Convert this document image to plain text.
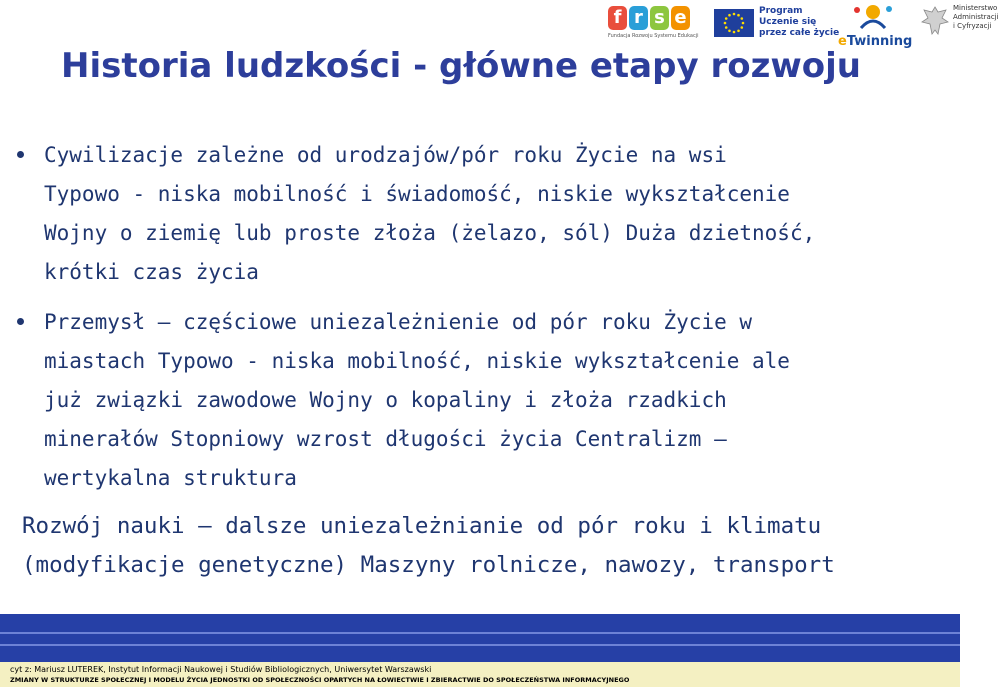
f r s e
Fundacja Rozwoju Systemu Edukacji
Program
Uczenie się
przez całe życie
eTwinning
Ministerstwo
Administracji
i Cyfryzacji
Historia ludzkości - główne etapy rozwoju

Cywilizacje zależne od urodzajów/pór roku Życie na wsi
Typowo - niska mobilność i świadomość, niskie wykształcenie
Wojny o ziemię lub proste złoża (żelazo, sól) Duża dzietność,
krótki czas życia

Przemysł – częściowe uniezależnienie od pór roku Życie w
miastach Typowo - niska mobilność, niskie wykształcenie ale
już związki zawodowe Wojny o kopaliny i złoża rzadkich
minerałów Stopniowy wzrost długości życia Centralizm –
wertykalna struktura

Rozwój nauki – dalsze uniezależnianie od pór roku i klimatu
(modyfikacje genetyczne) Maszyny rolnicze, nawozy, transport

cyt z: Mariusz LUTEREK, Instytut Informacji Naukowej i Studiów Bibliologicznych, Uniwersytet Warszawski
ZMIANY W STRUKTURZE SPOŁECZNEJ I MODELU ŻYCIA JEDNOSTKI OD SPOŁECZNOŚCI OPARTYCH NA ŁOWIECTWIE I ZBIERACTWIE DO SPOŁECZEŃSTWA INFORMACYJNEGO
